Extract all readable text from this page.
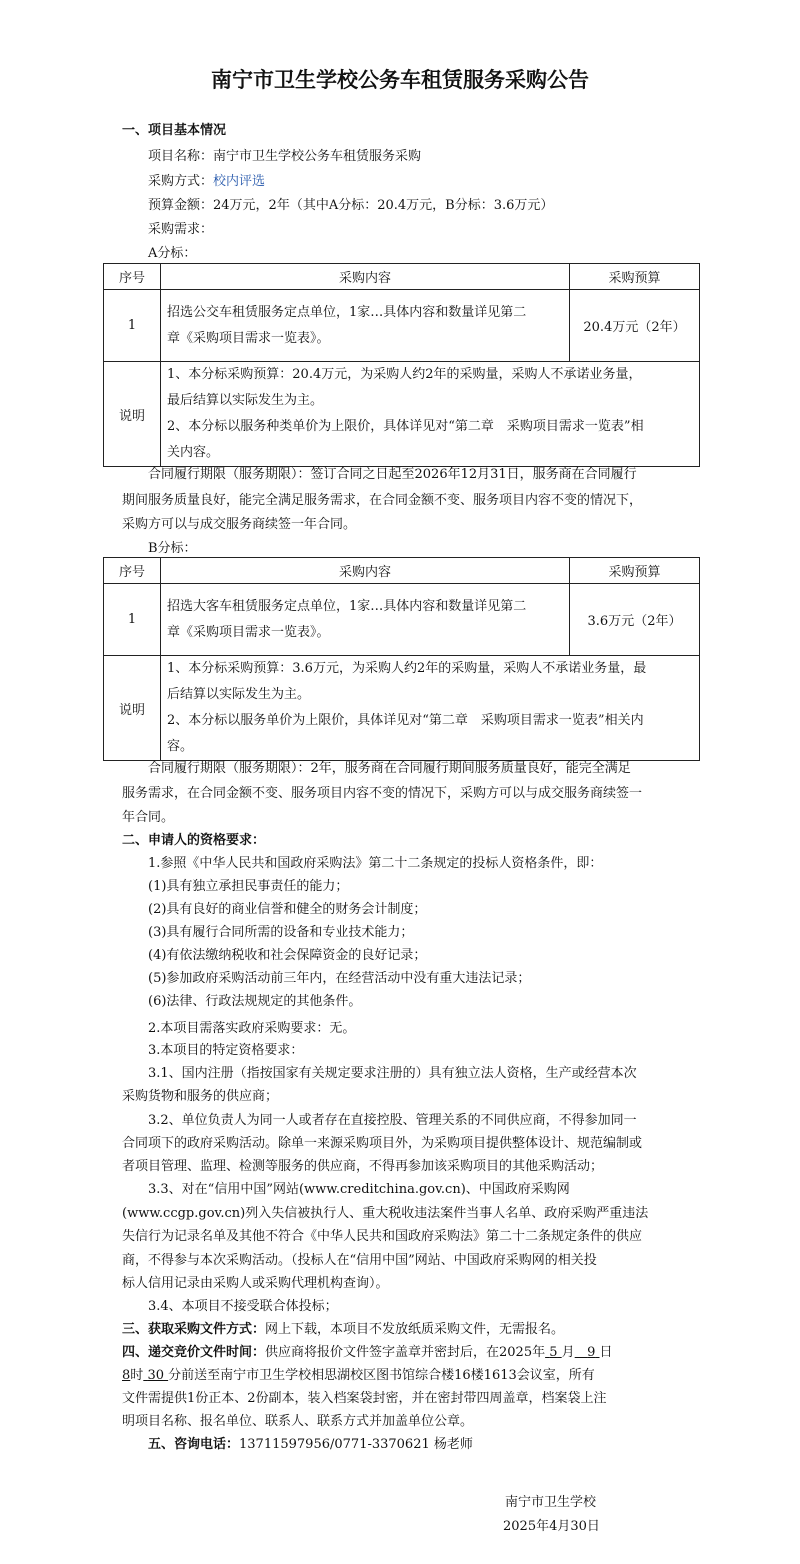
南宁市卫生学校公务车租赁服务采购公告
一、项目基本情况
项目名称：南宁市卫生学校公务车租赁服务采购
采购方式：校内评选
预算金额：24万元，2年（其中A分标：20.4万元，B分标：3.6万元）
采购需求：
A分标：
序号	采购内容	采购预算
1	招选公交车租赁服务定点单位，1家…具体内容和数量详见第二
章《采购项目需求一览表》。	20.4万元（2年）
说明	1、本分标采购预算：20.4万元，为采购人约2年的采购量，采购人不承诺业务量，
最后结算以实际发生为主。
2、本分标以服务种类单价为上限价，具体详见对“第二章　采购项目需求一览表”相
关内容。	
合同履行期限（服务期限）：签订合同之日起至2026年12月31日，服务商在合同履行
期间服务质量良好，能完全满足服务需求，在合同金额不变、服务项目内容不变的情况下，
采购方可以与成交服务商续签一年合同。
B分标：
序号	采购内容	采购预算
1	招选大客车租赁服务定点单位，1家…具体内容和数量详见第二
章《采购项目需求一览表》。	3.6万元（2年）
说明	1、本分标采购预算：3.6万元，为采购人约2年的采购量，采购人不承诺业务量，最
后结算以实际发生为主。
2、本分标以服务单价为上限价，具体详见对“第二章　采购项目需求一览表”相关内
容。	
合同履行期限（服务期限）：2年，服务商在合同履行期间服务质量良好，能完全满足
服务需求，在合同金额不变、服务项目内容不变的情况下，采购方可以与成交服务商续签一
年合同。
二、申请人的资格要求：
1.参照《中华人民共和国政府采购法》第二十二条规定的投标人资格条件，即：
(1)具有独立承担民事责任的能力；
(2)具有良好的商业信誉和健全的财务会计制度；
(3)具有履行合同所需的设备和专业技术能力；
(4)有依法缴纳税收和社会保障资金的良好记录；
(5)参加政府采购活动前三年内，在经营活动中没有重大违法记录；
(6)法律、行政法规规定的其他条件。
2.本项目需落实政府采购要求：无。
3.本项目的特定资格要求：
3.1、国内注册（指按国家有关规定要求注册的）具有独立法人资格，生产或经营本次
采购货物和服务的供应商；
3.2、单位负责人为同一人或者存在直接控股、管理关系的不同供应商，不得参加同一
合同项下的政府采购活动。除单一来源采购项目外，为采购项目提供整体设计、规范编制或
者项目管理、监理、检测等服务的供应商，不得再参加该采购项目的其他采购活动；
3.3、对在“信用中国”网站(www.creditchina.gov.cn)、中国政府采购网
(www.ccgp.gov.cn)列入失信被执行人、重大税收违法案件当事人名单、政府采购严重违法
失信行为记录名单及其他不符合《中华人民共和国政府采购法》第二十二条规定条件的供应
商，不得参与本次采购活动。（投标人在“信用中国”网站、中国政府采购网的相关投
标人信用记录由采购人或采购代理机构查询）。
3.4、本项目不接受联合体投标；
三、获取采购文件方式：网上下载，本项目不发放纸质采购文件，无需报名。
四、递交竞价文件时间：供应商将报价文件签字盖章并密封后，在2025年 5 月 9 日
8时 30 分前送至南宁市卫生学校相思湖校区图书馆综合楼16楼1613会议室，所有
文件需提供1份正本、2份副本，装入档案袋封密，并在密封带四周盖章，档案袋上注
明项目名称、报名单位、联系人、联系方式并加盖单位公章。
五、咨询电话：13711597956/0771-3370621 杨老师
南宁市卫生学校
2025年4月30日
